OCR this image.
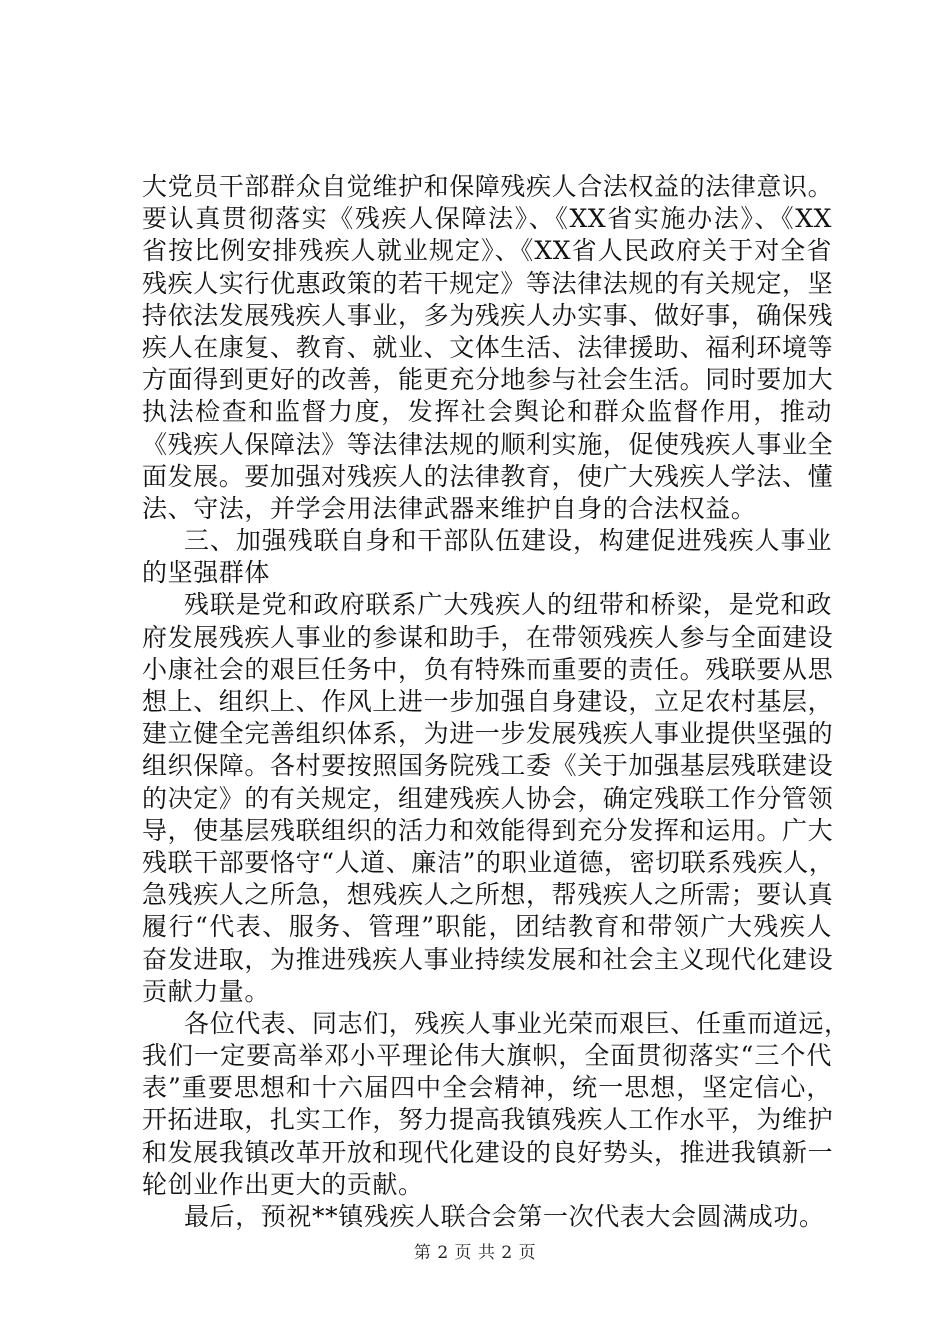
大党员干部群众自觉维护和保障残疾人合法权益的法律意识。
要认真贯彻落实《残疾人保障法》、《XX省实施办法》、《XX
省按比例安排残疾人就业规定》、《XX省人民政府关于对全省
残疾人实行优惠政策的若干规定》等法律法规的有关规定，坚
持依法发展残疾人事业，多为残疾人办实事、做好事，确保残
疾人在康复、教育、就业、文体生活、法律援助、福利环境等
方面得到更好的改善，能更充分地参与社会生活。同时要加大
执法检查和监督力度，发挥社会舆论和群众监督作用，推动
《残疾人保障法》等法律法规的顺利实施，促使残疾人事业全
面发展。要加强对残疾人的法律教育，使广大残疾人学法、懂
法、守法，并学会用法律武器来维护自身的合法权益。
三、加强残联自身和干部队伍建设，构建促进残疾人事业
的坚强群体
残联是党和政府联系广大残疾人的纽带和桥梁，是党和政
府发展残疾人事业的参谋和助手，在带领残疾人参与全面建设
小康社会的艰巨任务中，负有特殊而重要的责任。残联要从思
想上、组织上、作风上进一步加强自身建设，立足农村基层，
建立健全完善组织体系，为进一步发展残疾人事业提供坚强的
组织保障。各村要按照国务院残工委《关于加强基层残联建设
的决定》的有关规定，组建残疾人协会，确定残联工作分管领
导，使基层残联组织的活力和效能得到充分发挥和运用。广大
残联干部要恪守“人道、廉洁”的职业道德，密切联系残疾人，
急残疾人之所急，想残疾人之所想，帮残疾人之所需；要认真
履行“代表、服务、管理”职能，团结教育和带领广大残疾人
奋发进取，为推进残疾人事业持续发展和社会主义现代化建设
贡献力量。
各位代表、同志们，残疾人事业光荣而艰巨、任重而道远，
我们一定要高举邓小平理论伟大旗帜，全面贯彻落实“三个代
表”重要思想和十六届四中全会精神，统一思想，坚定信心，
开拓进取，扎实工作，努力提高我镇残疾人工作水平，为维护
和发展我镇改革开放和现代化建设的良好势头，推进我镇新一
轮创业作出更大的贡献。
最后，预祝**镇残疾人联合会第一次代表大会圆满成功。
第 2 页 共 2 页
